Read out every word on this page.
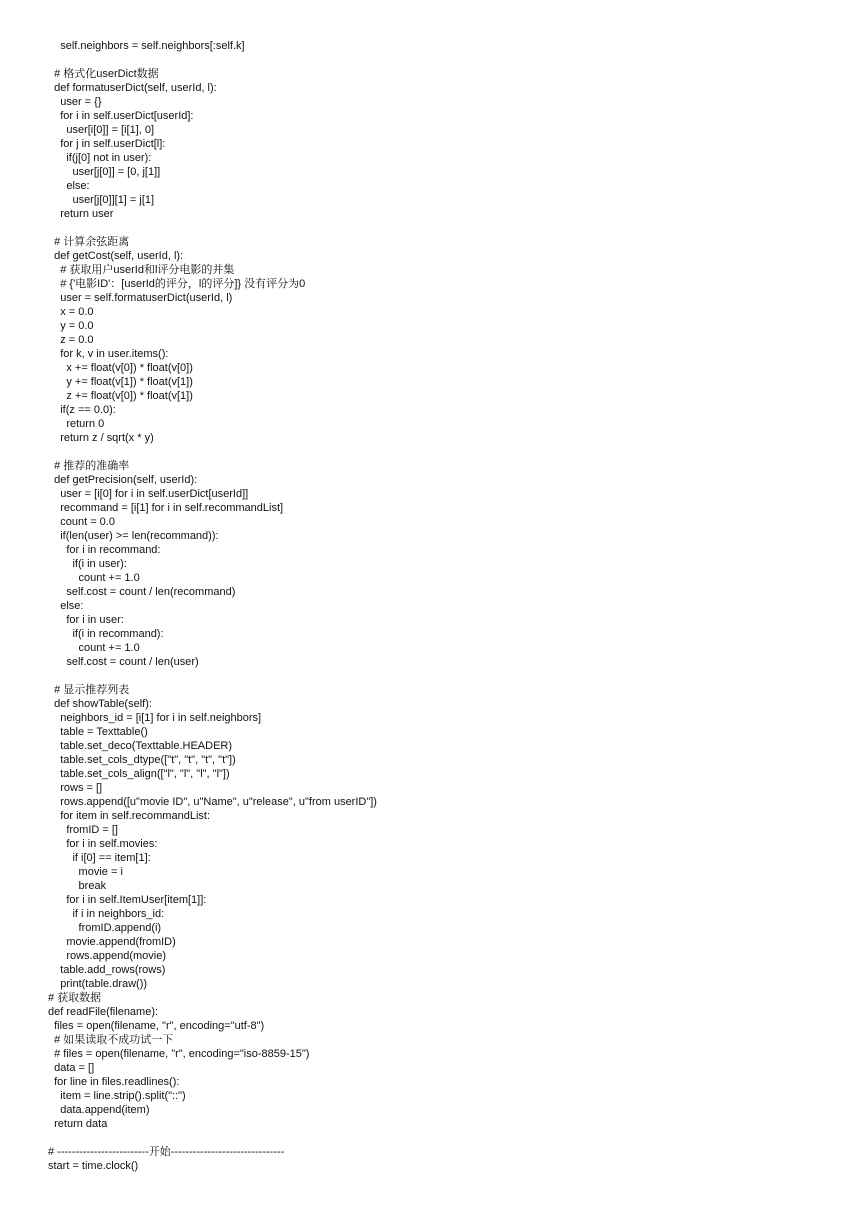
self.neighbors = self.neighbors[:self.k]
# 格式化userDict数据
def formatuserDict(self, userId, l):
user = {}
for i in self.userDict[userId]:
user[i[0]] = [i[1], 0]
for j in self.userDict[l]:
if(j[0] not in user):
user[j[0]] = [0, j[1]]
else:
user[j[0]][1] = j[1]
return user
# 计算余弦距离
def getCost(self, userId, l):
# 获取用户userId和l评分电影的并集
# {'电影ID'：[userId的评分，l的评分]} 没有评分为0
user = self.formatuserDict(userId, l)
x = 0.0
y = 0.0
z = 0.0
for k, v in user.items():
x += float(v[0]) * float(v[0])
y += float(v[1]) * float(v[1])
z += float(v[0]) * float(v[1])
if(z == 0.0):
return 0
return z / sqrt(x * y)
# 推荐的准确率
def getPrecision(self, userId):
user = [i[0] for i in self.userDict[userId]]
recommand = [i[1] for i in self.recommandList]
count = 0.0
if(len(user) >= len(recommand)):
for i in recommand:
if(i in user):
count += 1.0
self.cost = count / len(recommand)
else:
for i in user:
if(i in recommand):
count += 1.0
self.cost = count / len(user)
# 显示推荐列表
def showTable(self):
neighbors_id = [i[1] for i in self.neighbors]
table = Texttable()
table.set_deco(Texttable.HEADER)
table.set_cols_dtype(["t", "t", "t", "t"])
table.set_cols_align(["l", "l", "l", "l"])
rows = []
rows.append([u"movie ID", u"Name", u"release", u"from userID"])
for item in self.recommandList:
fromID = []
for i in self.movies:
if i[0] == item[1]:
movie = i
break
for i in self.ItemUser[item[1]]:
if i in neighbors_id:
fromID.append(i)
movie.append(fromID)
rows.append(movie)
table.add_rows(rows)
print(table.draw())
# 获取数据
def readFile(filename):
files = open(filename, "r", encoding="utf-8")
# 如果读取不成功试一下
# files = open(filename, "r", encoding="iso-8859-15")
data = []
for line in files.readlines():
item = line.strip().split("::")
data.append(item)
return data
# -------------------------开始-------------------------------
start = time.clock()
